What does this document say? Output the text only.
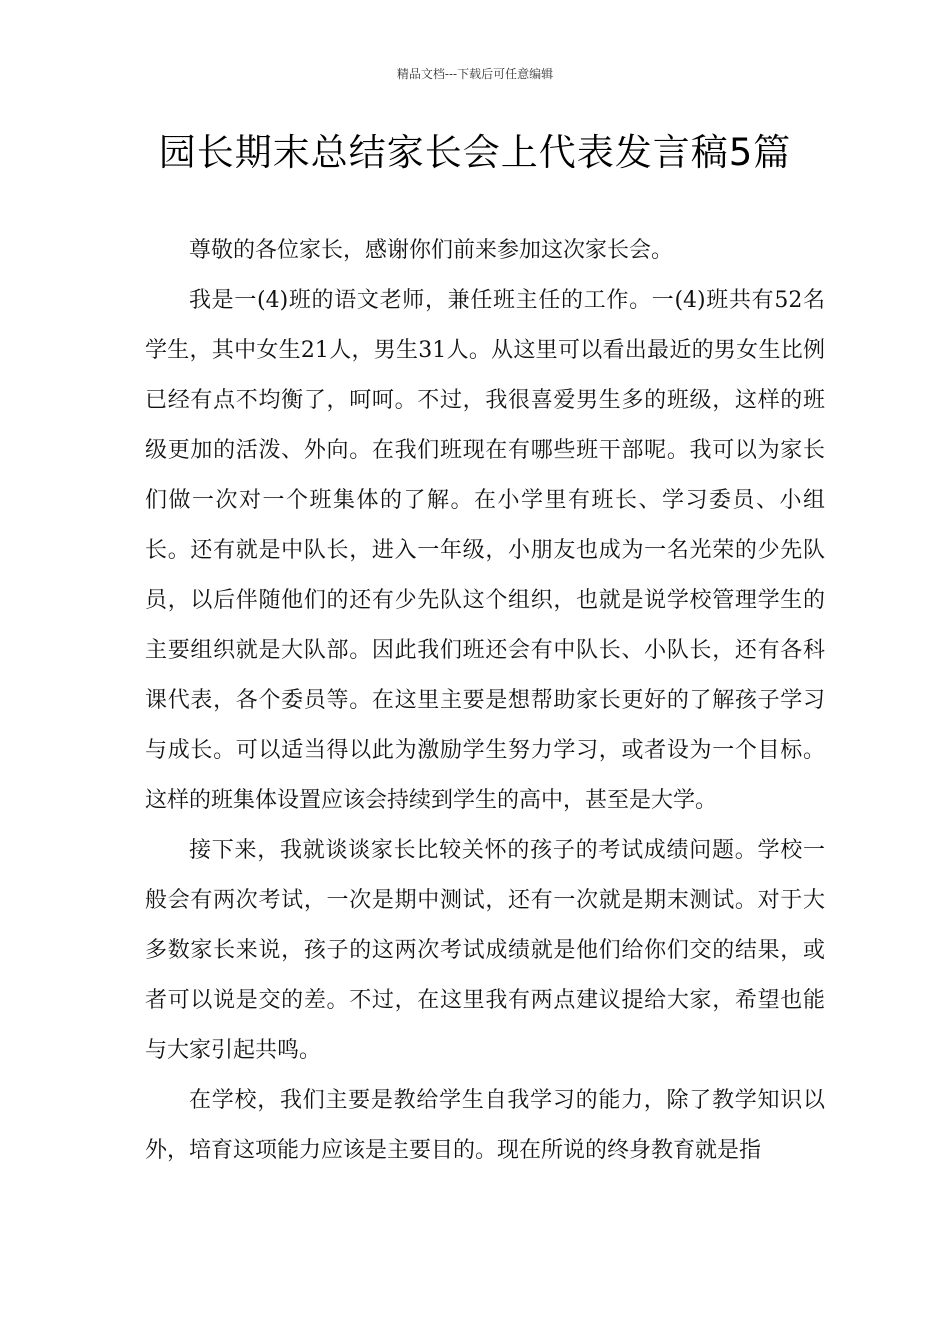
精品文档---下载后可任意编辑
园长期末总结家长会上代表发言稿5篇

尊敬的各位家长，感谢你们前来参加这次家长会。

我是一(4)班的语文老师，兼任班主任的工作。一(4)班共有52名学生，其中女生21人，男生31人。从这里可以看出最近的男女生比例已经有点不均衡了，呵呵。不过，我很喜爱男生多的班级，这样的班级更加的活泼、外向。在我们班现在有哪些班干部呢。我可以为家长们做一次对一个班集体的了解。在小学里有班长、学习委员、小组长。还有就是中队长，进入一年级，小朋友也成为一名光荣的少先队员，以后伴随他们的还有少先队这个组织，也就是说学校管理学生的主要组织就是大队部。因此我们班还会有中队长、小队长，还有各科课代表，各个委员等。在这里主要是想帮助家长更好的了解孩子学习与成长。可以适当得以此为激励学生努力学习，或者设为一个目标。这样的班集体设置应该会持续到学生的高中，甚至是大学。

接下来，我就谈谈家长比较关怀的孩子的考试成绩问题。学校一般会有两次考试，一次是期中测试，还有一次就是期末测试。对于大多数家长来说，孩子的这两次考试成绩就是他们给你们交的结果，或者可以说是交的差。不过，在这里我有两点建议提给大家，希望也能与大家引起共鸣。

在学校，我们主要是教给学生自我学习的能力，除了教学知识以外，培育这项能力应该是主要目的。现在所说的终身教育就是指
